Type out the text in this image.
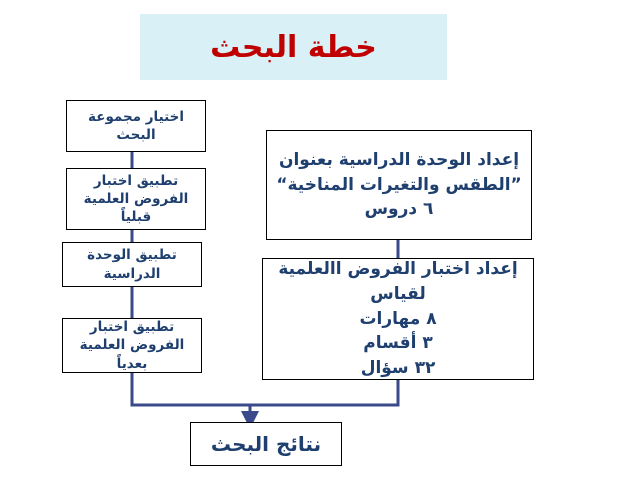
خطة البحث
اختيار مجموعة البحث
تطبيق اختبار
الفروض العلمية قبلياً
تطبيق الوحدة الدراسية
تطبيق اختبار
الفروض العلمية بعدياً
إعداد الوحدة الدراسية بعنوان
”الطقس والتغيرات المناخية“
٦ دروس
إعداد اختبار الفروض االعلمية لقياس
٨ مهارات
٣ أقسام
٣٢ سؤال
نتائج البحث
